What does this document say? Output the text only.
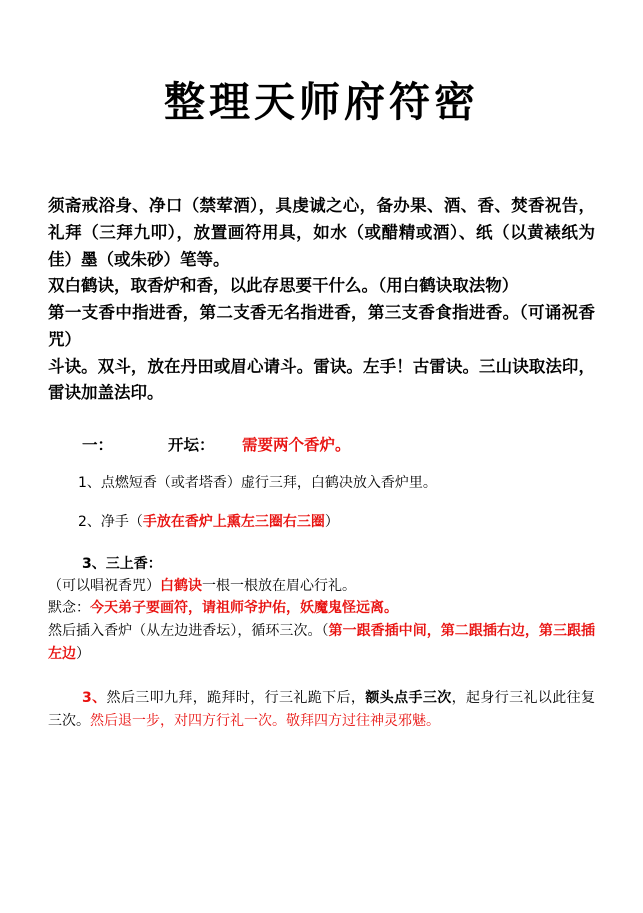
整理天师府符密

须斋戒浴身、净口（禁荤酒），具虔诚之心，备办果、酒、香、焚香祝告，礼拜（三拜九叩），放置画符用具，如水（或醋精或酒）、纸（以黄裱纸为佳）墨（或朱砂）笔等。

双白鹤诀，取香炉和香，以此存思要干什么。（用白鹤诀取法物）

第一支香中指进香，第二支香无名指进香，第三支香食指进香。（可诵祝香咒）

斗诀。双斗，放在丹田或眉心请斗。雷诀。左手！古雷诀。三山诀取法印，雷诀加盖法印。

一：	开坛： 需要两个香炉。

1、点燃短香（或者塔香）虚行三拜，白鹤决放入香炉里。

2、净手（手放在香炉上熏左三圈右三圈）

3、三上香：

（可以唱祝香咒）白鹤诀一根一根放在眉心行礼。

默念：今天弟子要画符，请祖师爷护佑，妖魔鬼怪远离。

然后插入香炉（从左边进香坛），循环三次。（第一跟香插中间，第二跟插右边，第三跟插左边）

3、然后三叩九拜，跪拜时，行三礼跪下后，额头点手三次，起身行三礼以此往复三次。然后退一步，对四方行礼一次。敬拜四方过往神灵邪魅。
